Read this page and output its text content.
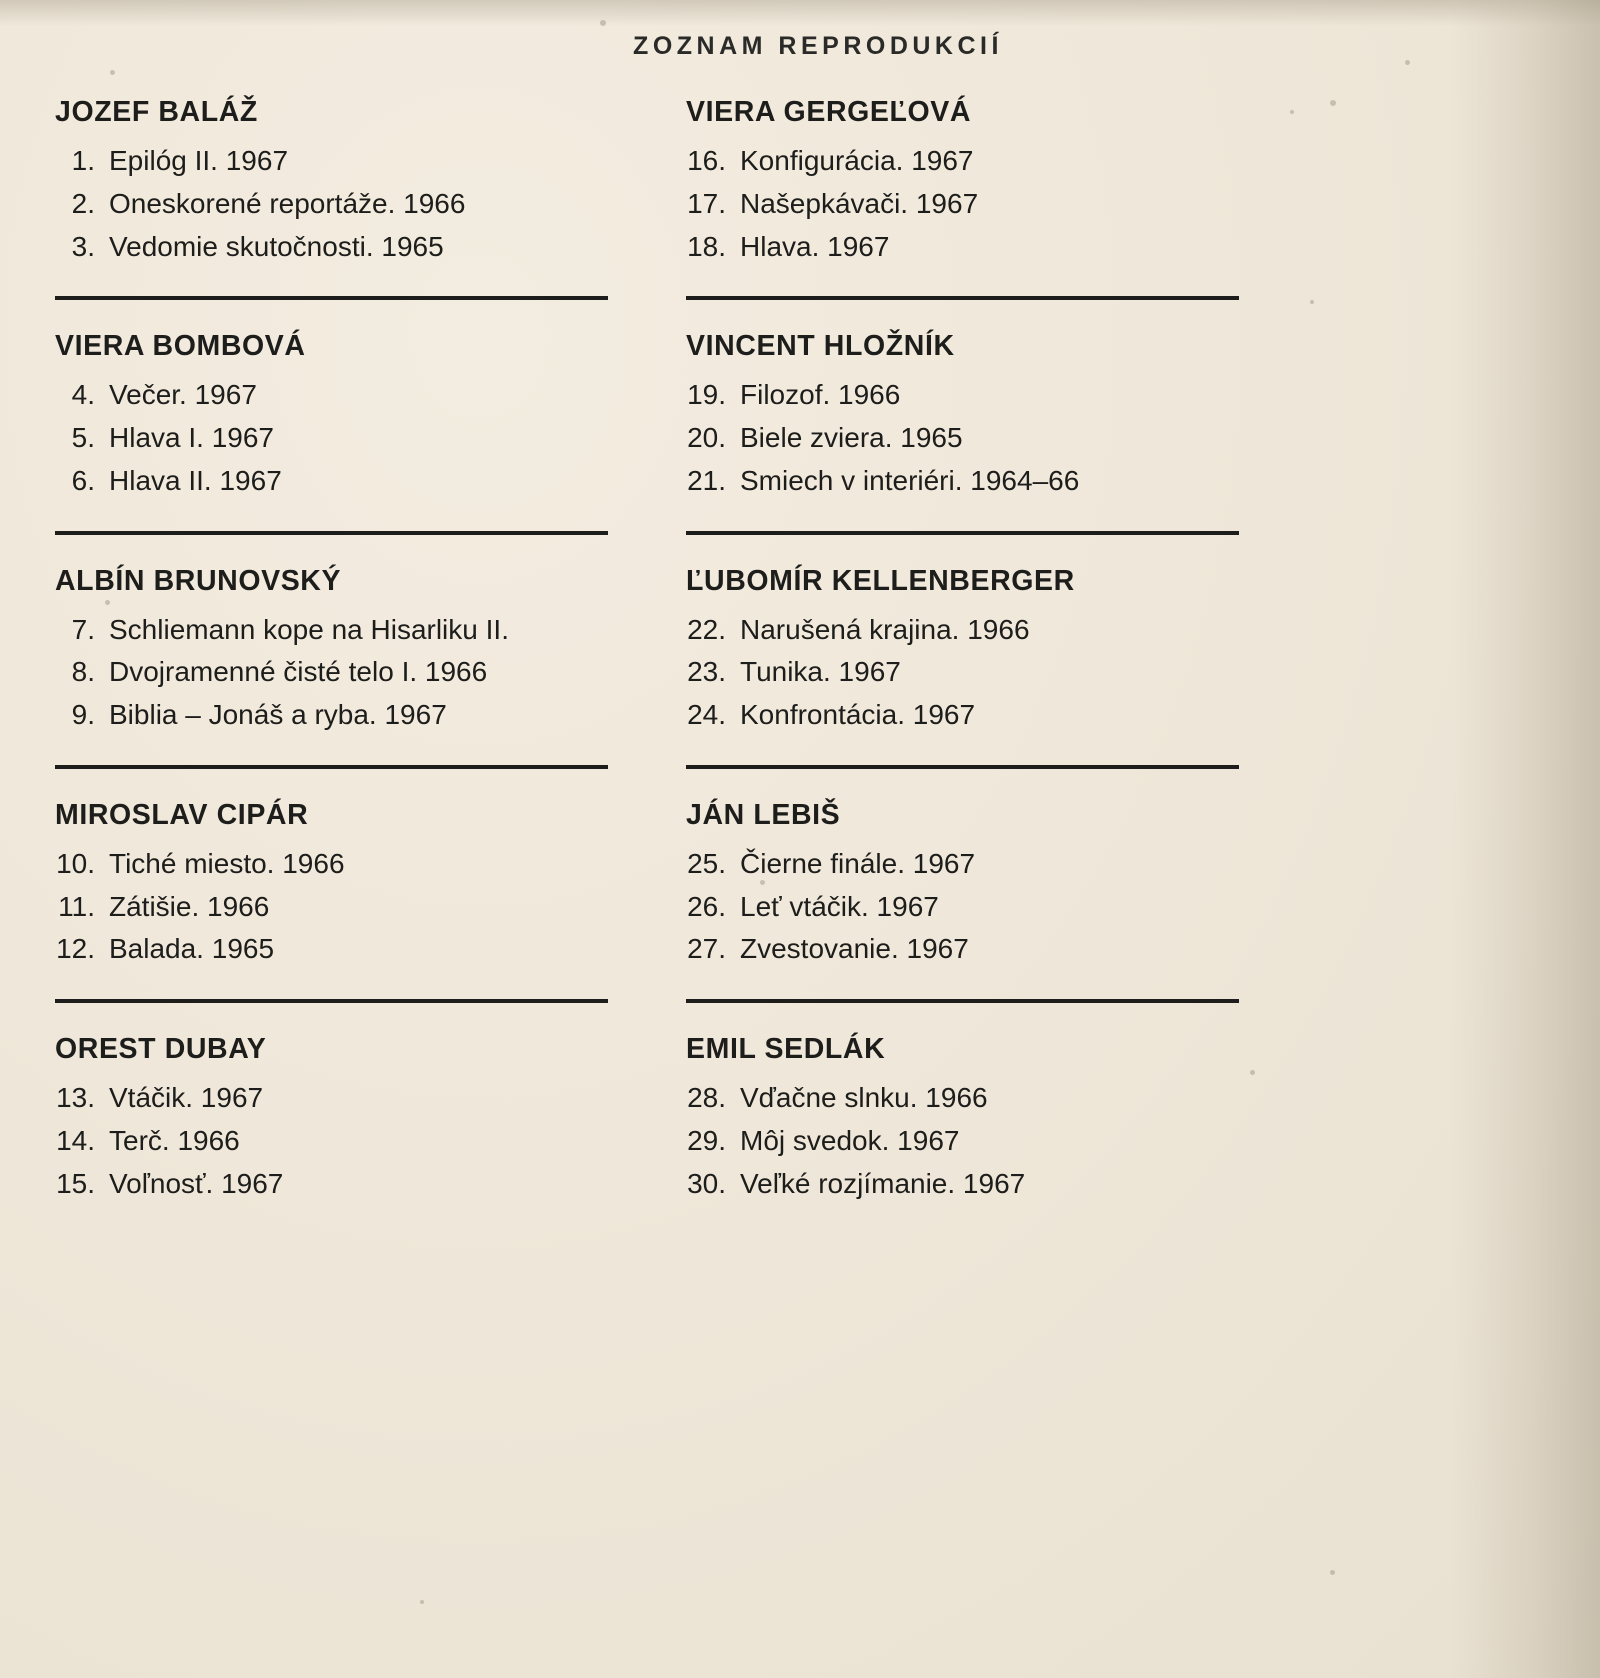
ZOZNAM REPRODUKCIÍ
JOZEF BALÁŽ
1. Epilóg II. 1967
2. Oneskorené reportáže. 1966
3. Vedomie skutočnosti. 1965
VIERA BOMBOVÁ
4. Večer. 1967
5. Hlava I. 1967
6. Hlava II. 1967
ALBÍN BRUNOVSKÝ
7. Schliemann kope na Hisarliku II.
8. Dvojramenné čisté telo I. 1966
9. Biblia – Jonáš a ryba. 1967
MIROSLAV CIPÁR
10. Tiché miesto. 1966
11. Zátišie. 1966
12. Balada. 1965
OREST DUBAY
13. Vtáčik. 1967
14. Terč. 1966
15. Voľnosť. 1967
VIERA GERGEĽOVÁ
16. Konfigurácia. 1967
17. Našepkávači. 1967
18. Hlava. 1967
VINCENT HLOŽNÍK
19. Filozof. 1966
20. Biele zviera. 1965
21. Smiech v interiéri. 1964–66
ĽUBOMÍR KELLENBERGER
22. Narušená krajina. 1966
23. Tunika. 1967
24. Konfrontácia. 1967
JÁN LEBIŠ
25. Čierne finále. 1967
26. Leť vtáčik. 1967
27. Zvestovanie. 1967
EMIL SEDLÁK
28. Vďačne slnku. 1966
29. Môj svedok. 1967
30. Veľké rozjímanie. 1967
